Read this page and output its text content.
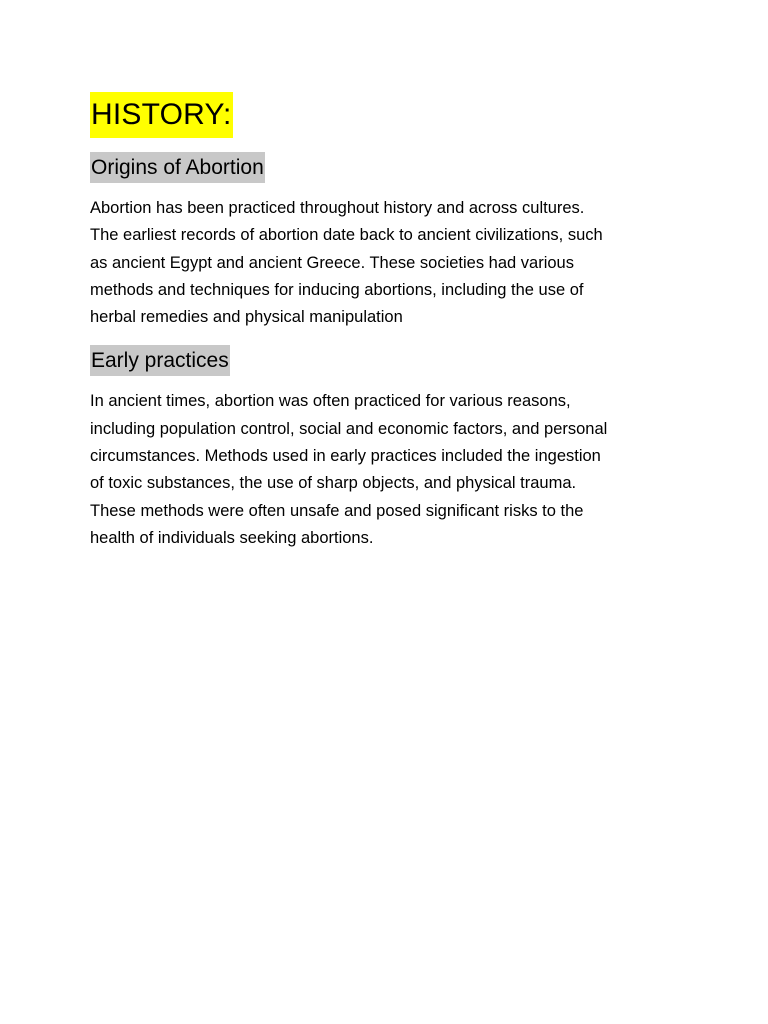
HISTORY:
Origins of Abortion

Abortion has been practiced throughout history and across cultures.
The earliest records of abortion date back to ancient civilizations, such
as ancient Egypt and ancient Greece. These societies had various
methods and techniques for inducing abortions, including the use of
herbal remedies and physical manipulation

Early practices

In ancient times, abortion was often practiced for various reasons,
including population control, social and economic factors, and personal
circumstances. Methods used in early practices included the ingestion
of toxic substances, the use of sharp objects, and physical trauma.
These methods were often unsafe and posed significant risks to the
health of individuals seeking abortions.
